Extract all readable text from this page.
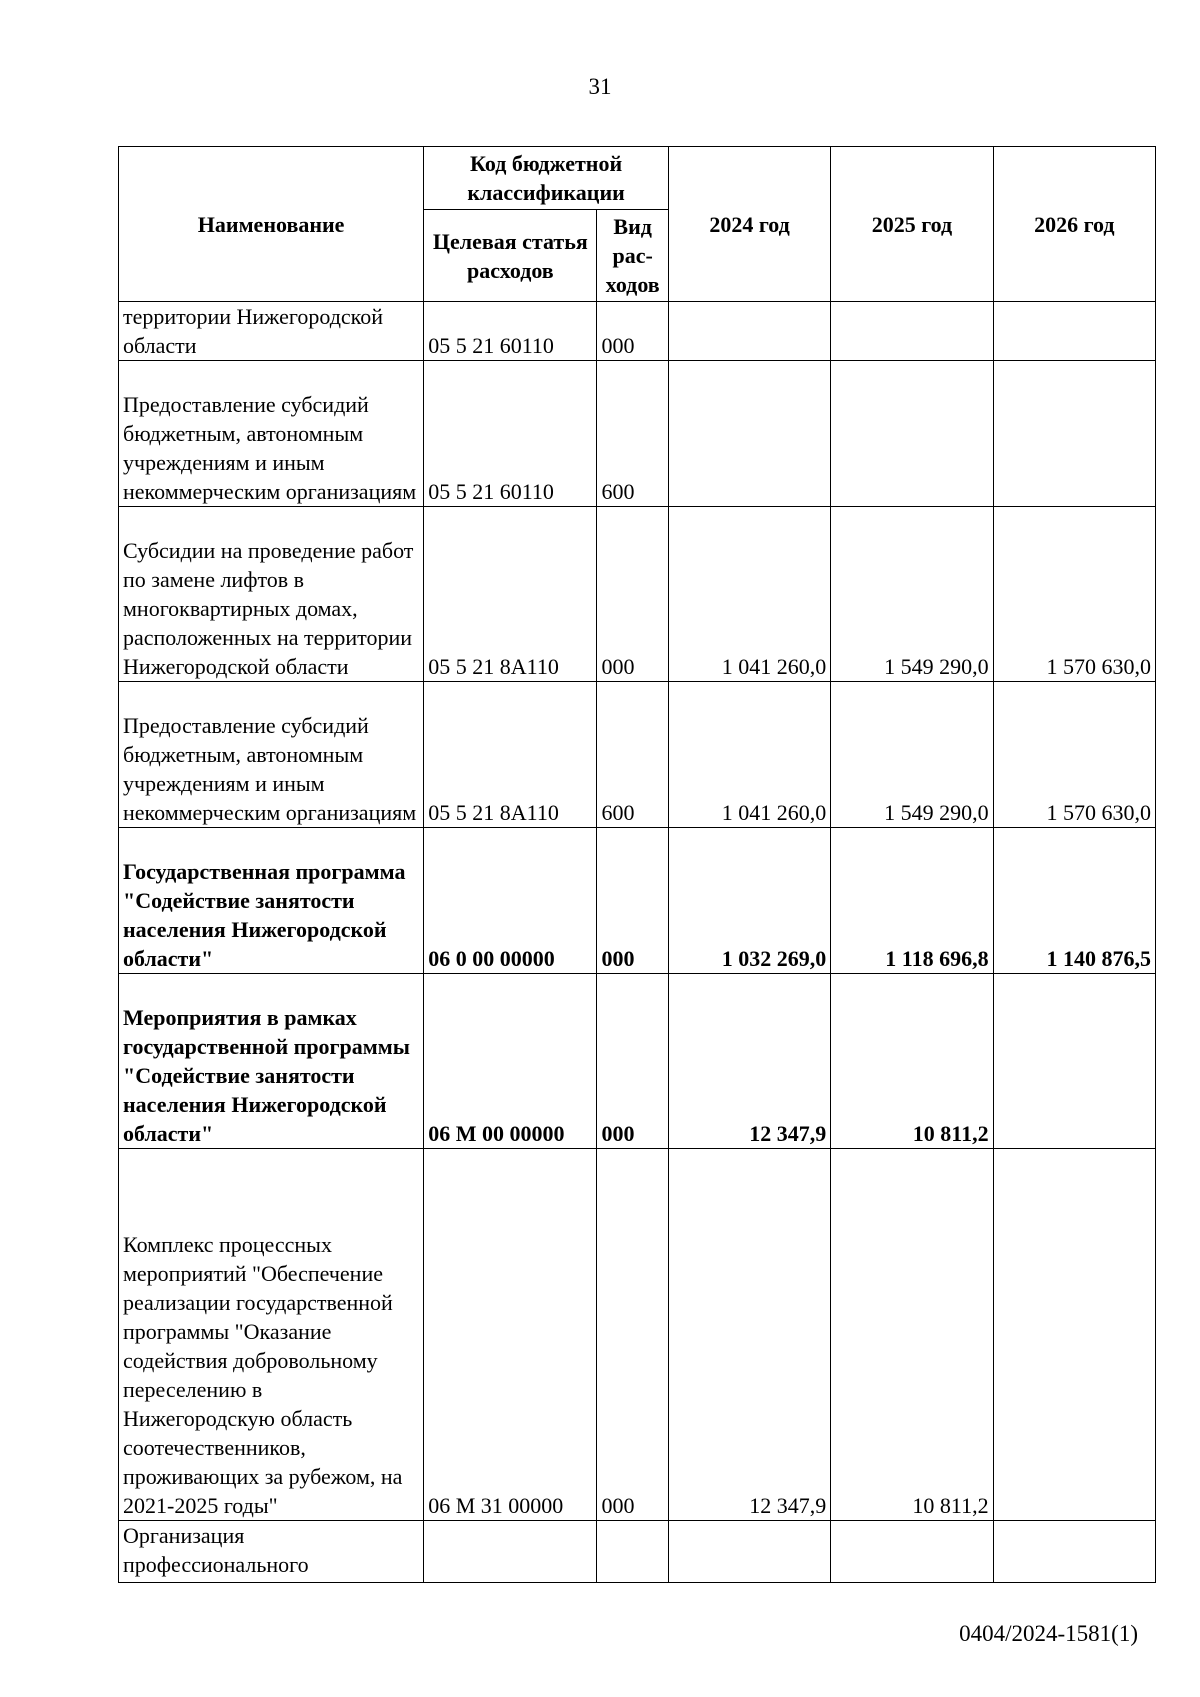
31
Наименование	Код бюджетной классификации		2024 год	2025 год	2026 год
	Целевая статья расходов	Вид рас-ходов			
территории Нижегородской области	05 5 21 60110	000			
Предоставление субсидий бюджетным, автономным учреждениям и иным некоммерческим организациям	05 5 21 60110	600			
Субсидии на проведение работ по замене лифтов в многоквартирных домах, расположенных на территории Нижегородской области	05 5 21 8А110	000	1 041 260,0	1 549 290,0	1 570 630,0
Предоставление субсидий бюджетным, автономным учреждениям и иным некоммерческим организациям	05 5 21 8А110	600	1 041 260,0	1 549 290,0	1 570 630,0
Государственная программа "Содействие занятости населения Нижегородской области"	06 0 00 00000	000	1 032 269,0	1 118 696,8	1 140 876,5
Мероприятия в рамках государственной программы "Содействие занятости населения Нижегородской области"	06 М 00 00000	000	12 347,9	10 811,2	
Комплекс процессных мероприятий "Обеспечение реализации государственной программы "Оказание содействия добровольному переселению в Нижегородскую область соотечественников, проживающих за рубежом, на 2021-2025 годы"	06 М 31 00000	000	12 347,9	10 811,2	
Организация профессионального					
0404/2024-1581(1)
